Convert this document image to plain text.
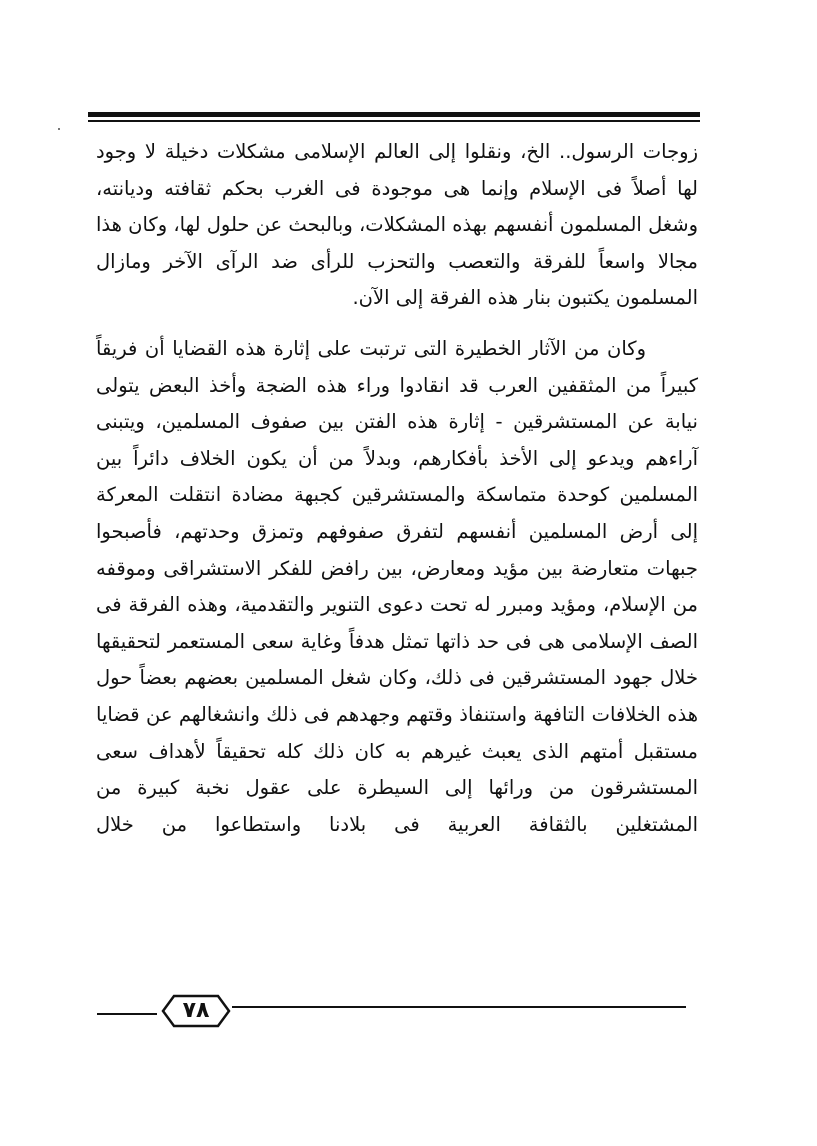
زوجات الرسول.. الخ، ونقلوا إلى العالم الإسلامى مشكلات دخيلة لا وجود لها أصلاً فى الإسلام وإنما هى موجودة فى الغرب بحكم ثقافته وديانته، وشغل المسلمون أنفسهم بهذه المشكلات، وبالبحث عن حلول لها، وكان هذا مجالا واسعاً للفرقة والتعصب والتحزب للرأى ضد الرآى الآخر ومازال المسلمون يكتبون بنار هذه الفرقة إلى الآن.

وكان من الآثار الخطيرة التى ترتبت على إثارة هذه القضايا أن فريقاً كبيراً من المثقفين العرب قد انقادوا وراء هذه الضجة وأخذ البعض يتولى نيابة عن المستشرقين - إثارة هذه الفتن بين صفوف المسلمين، ويتبنى آراءهم ويدعو إلى الأخذ بأفكارهم، وبدلاً من أن يكون الخلاف دائراً بين المسلمين كوحدة متماسكة والمستشرقين كجبهة مضادة انتقلت المعركة إلى أرض المسلمين أنفسهم لتفرق صفوفهم وتمزق وحدتهم، فأصبحوا جبهات متعارضة بين مؤيد ومعارض، بين رافض للفكر الاستشراقى وموقفه من الإسلام، ومؤيد ومبرر له تحت دعوى التنوير والتقدمية، وهذه الفرقة فى الصف الإسلامى هى فى حد ذاتها تمثل هدفاً وغاية سعى المستعمر لتحقيقها خلال جهود المستشرقين فى ذلك، وكان شغل المسلمين بعضهم بعضاً حول هذه الخلافات التافهة واستنفاذ وقتهم وجهدهم فى ذلك وانشغالهم عن قضايا مستقبل أمتهم الذى يعبث غيرهم به كان ذلك كله تحقيقاً لأهداف سعى المستشرقون من ورائها إلى السيطرة على عقول نخبة كبيرة من المشتغلين بالثقافة العربية فى بلادنا واستطاعوا من خلال

٧٨
